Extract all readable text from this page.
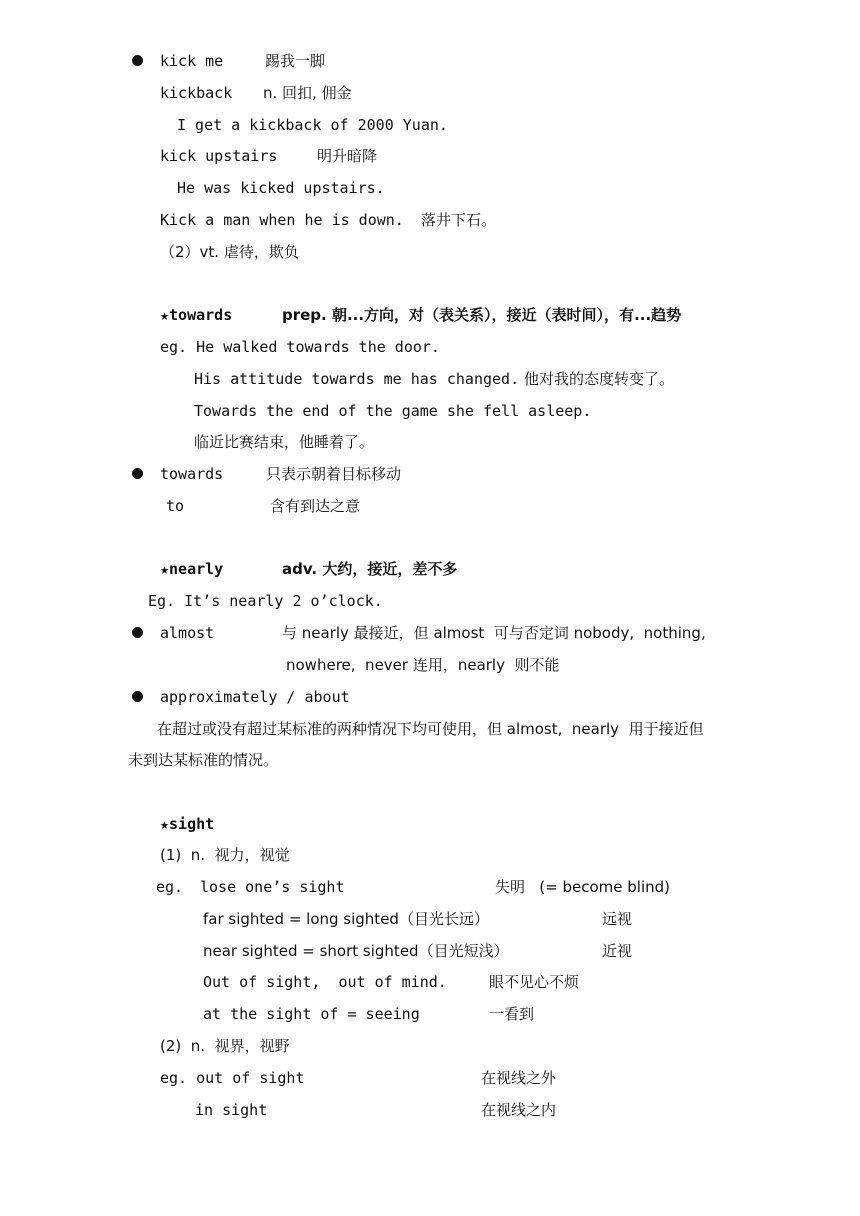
kick me	踢我一脚
kickback n. 回扣, 佣金
I get a kickback of 2000 Yuan.
kick upstairs	明升暗降
He was kicked upstairs.
Kick a man when he is down. 落井下石。
（2）vt. 虐待，欺负
★towards	prep. 朝...方向，对（表关系），接近（表时间），有...趋势
eg. He walked towards the door.
His attitude towards me has changed. 他对我的态度转变了。
Towards the end of the game she fell asleep.
临近比赛结束，他睡着了。
towards	只表示朝着目标移动
to	含有到达之意
★nearly	adv. 大约，接近，差不多
Eg. It’s nearly 2 o’clock.
almost	与 nearly 最接近，但 almost  可与否定词 nobody,  nothing,
nowhere,  never 连用，nearly  则不能
approximately / about
在超过或没有超过某标准的两种情况下均可使用，但 almost,  nearly  用于接近但
未到达某标准的情况。
★sight
(1)  n.  视力，视觉
eg. lose one’s sight	失明   (= become blind)
far sighted = long sighted（目光长远）	远视
near sighted = short sighted（目光短浅）	近视
Out of sight,  out of mind.	眼不见心不烦
at the sight of = seeing	一看到
(2)  n.  视界，视野
eg. out of sight	在视线之外
in sight	在视线之内
